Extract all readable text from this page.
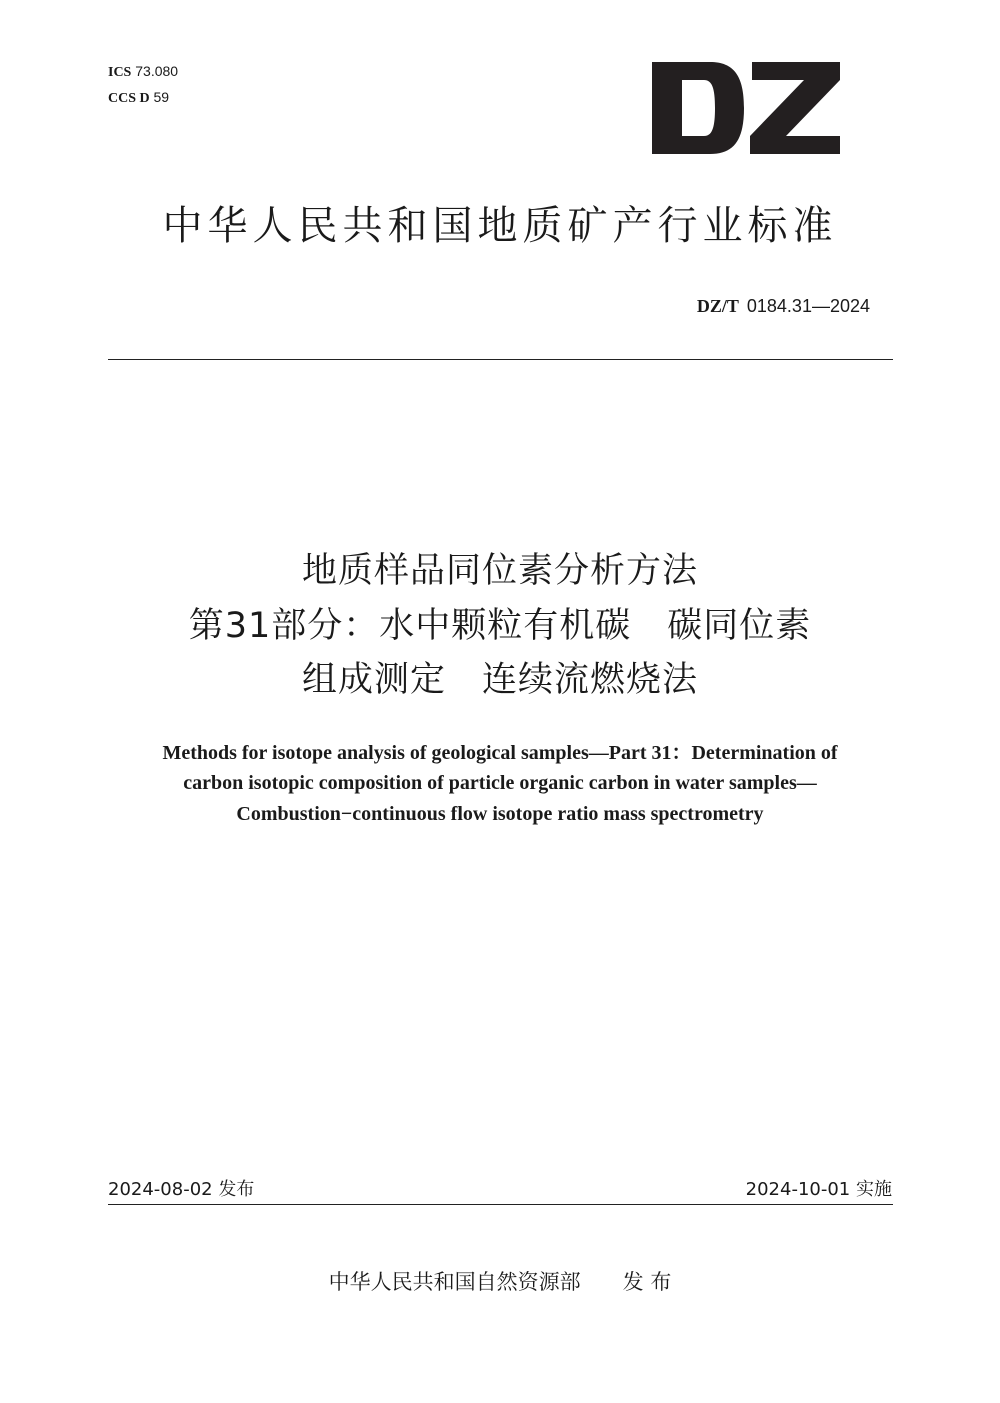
ICS 73.080
CCS D 59
中华人民共和国地质矿产行业标准
DZ/T 0184.31—2024
地质样品同位素分析方法
第31部分：水中颗粒有机碳　碳同位素
组成测定　连续流燃烧法
Methods for isotope analysis of geological samples—Part 31：Determination of
carbon isotopic composition of particle organic carbon in water samples—
Combustion−continuous flow isotope ratio mass spectrometry
2024-08-02 发布	2024-10-01 实施
中华人民共和国自然资源部　　 发 布
